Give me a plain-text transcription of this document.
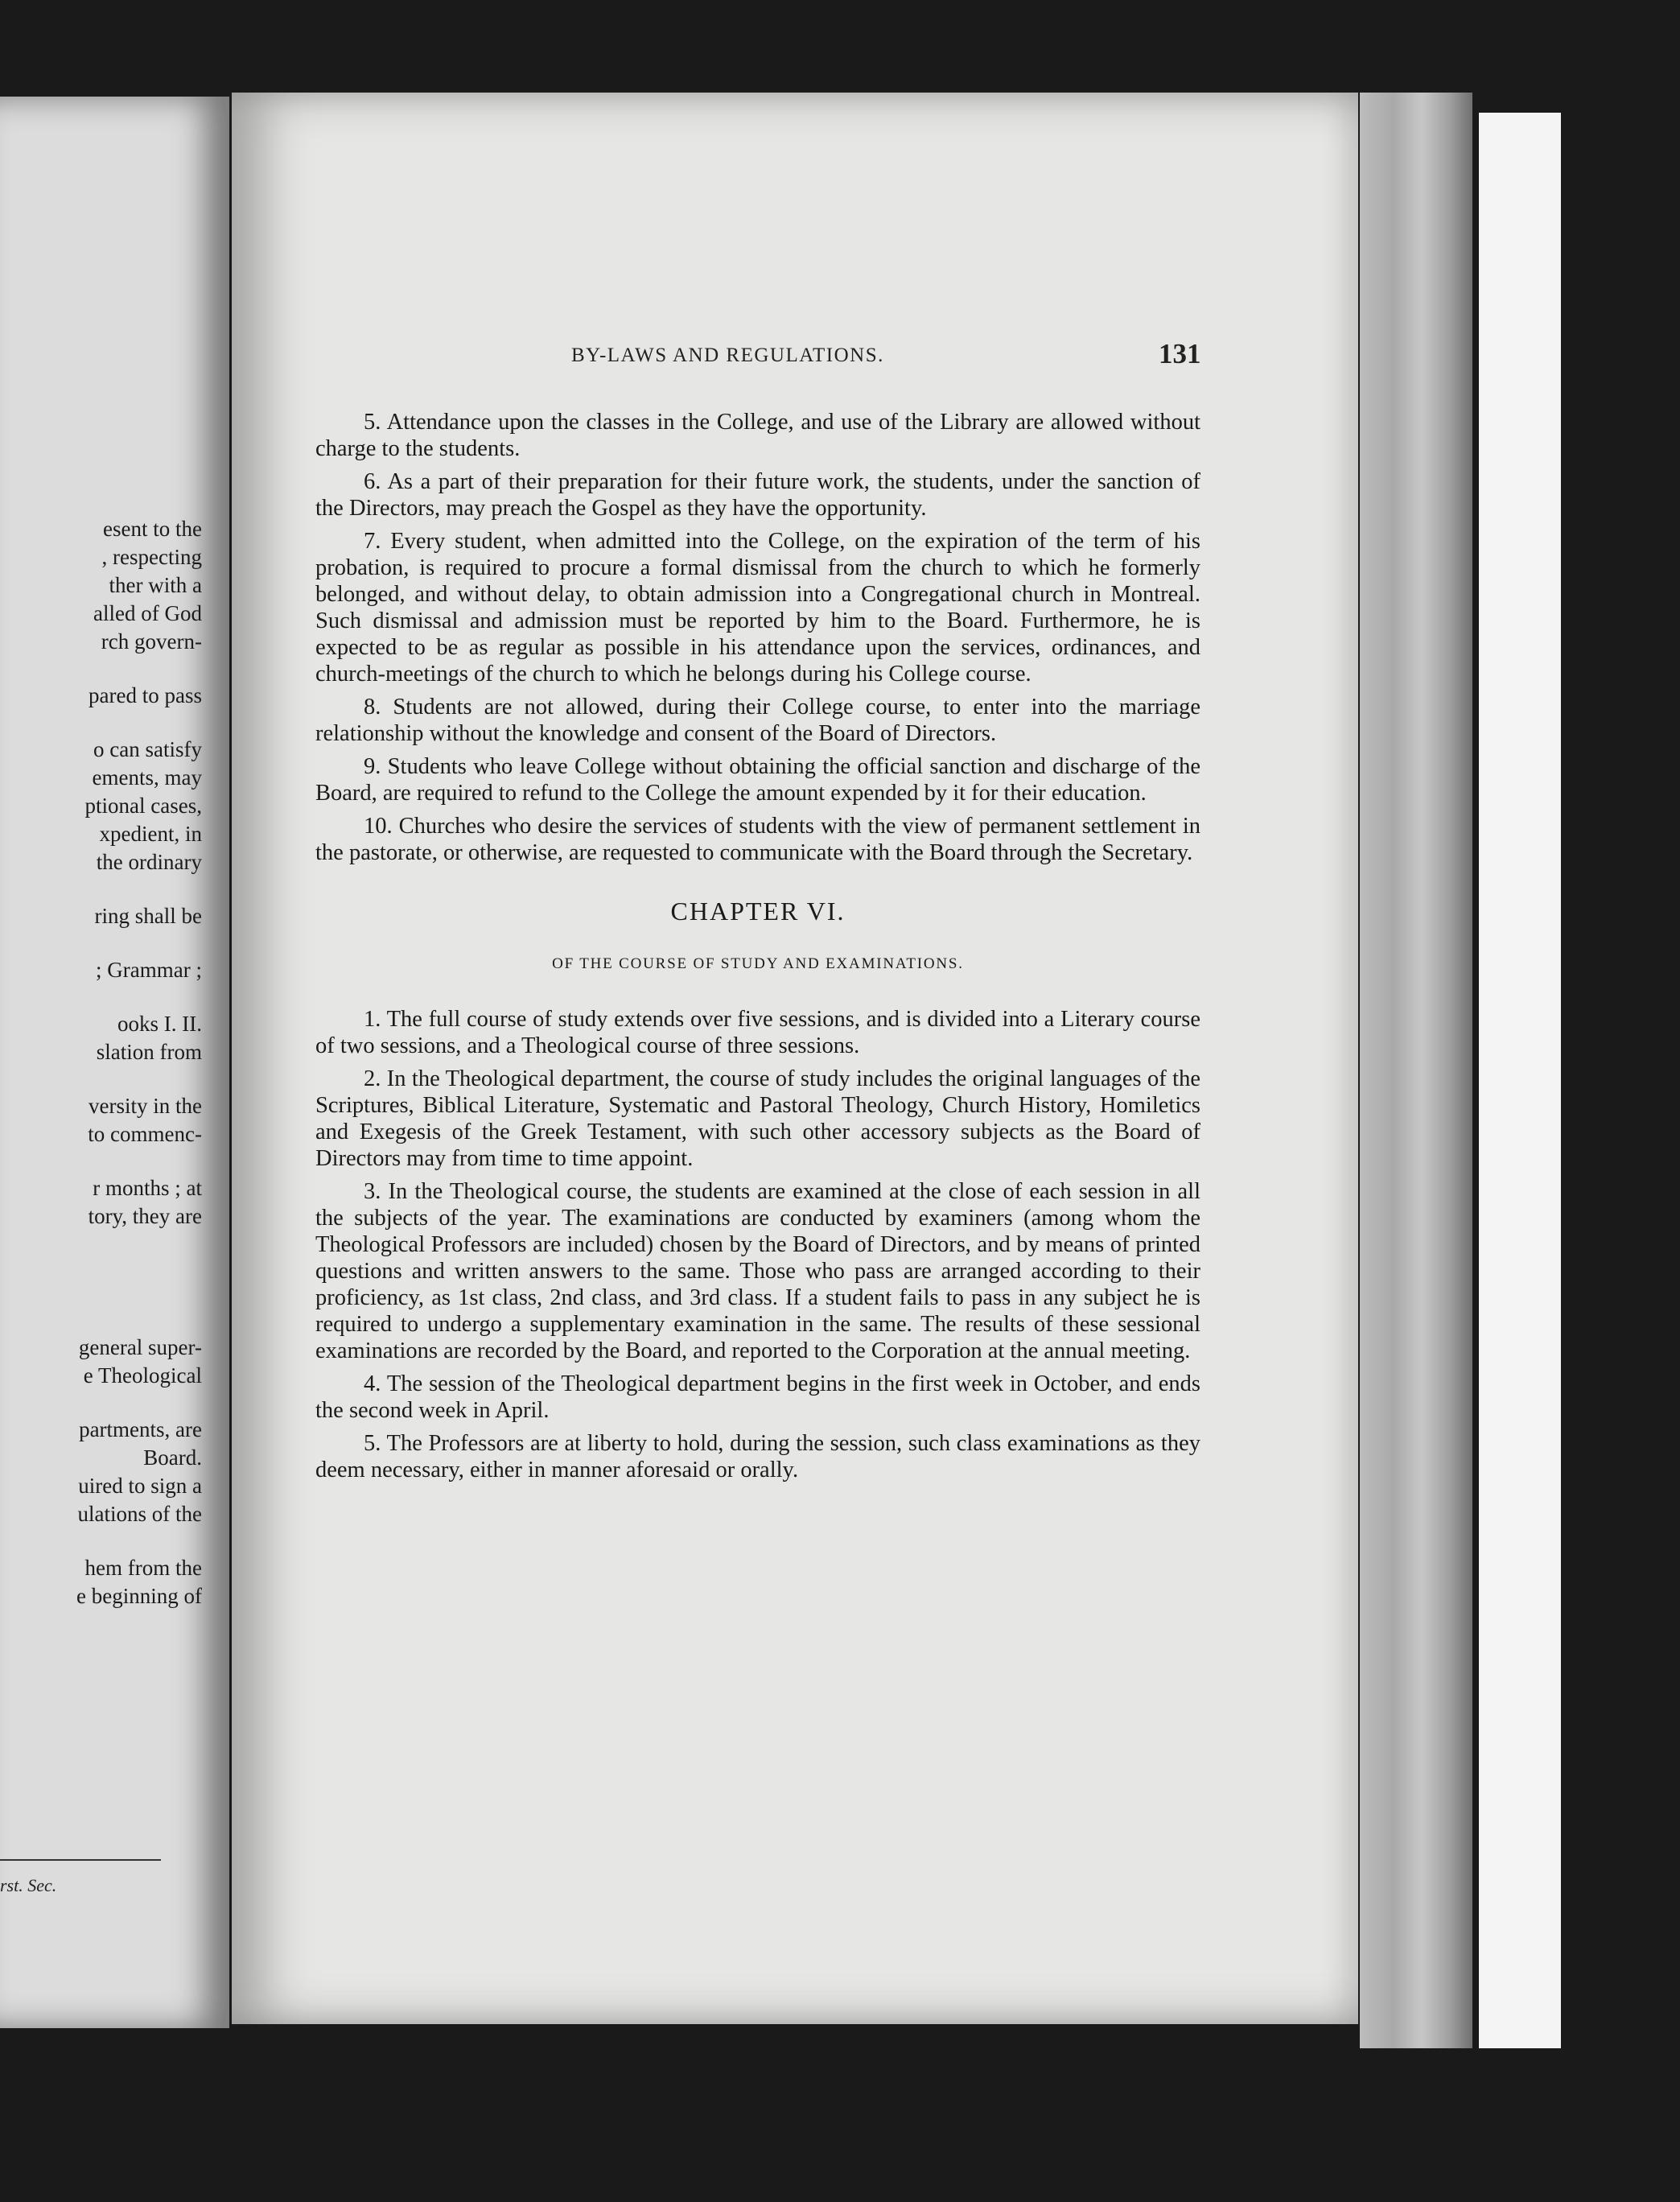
esent to the

, respecting

ther with a

alled of God

rch govern-

pared to pass

o can satisfy

ements, may

ptional cases,

xpedient, in

the ordinary

ring shall be

; Grammar ;

ooks I. II.

slation from

versity in the

to commenc-

r months ; at

tory, they are

general super-

e Theological

partments, are

Board.

uired to sign a

ulations of the

hem from the

e beginning of

rst. Sec.
BY-LAWS AND REGULATIONS.	131

5. Attendance upon the classes in the College, and use of the Library are allowed without charge to the students.

6. As a part of their preparation for their future work, the students, under the sanction of the Directors, may preach the Gospel as they have the opportunity.

7. Every student, when admitted into the College, on the expiration of the term of his probation, is required to procure a formal dismissal from the church to which he formerly belonged, and without delay, to obtain admission into a Congregational church in Montreal. Such dismissal and admission must be reported by him to the Board. Furthermore, he is expected to be as regular as possible in his attendance upon the services, ordinances, and church-meetings of the church to which he belongs during his College course.

8. Students are not allowed, during their College course, to enter into the marriage relationship without the knowledge and consent of the Board of Directors.

9. Students who leave College without obtaining the official sanction and discharge of the Board, are required to refund to the College the amount expended by it for their education.

10. Churches who desire the services of students with the view of permanent settlement in the pastorate, or otherwise, are requested to communicate with the Board through the Secretary.

CHAPTER VI.

OF THE COURSE OF STUDY AND EXAMINATIONS.

1. The full course of study extends over five sessions, and is divided into a Literary course of two sessions, and a Theological course of three sessions.

2. In the Theological department, the course of study includes the original languages of the Scriptures, Biblical Literature, Systematic and Pastoral Theology, Church History, Homiletics and Exegesis of the Greek Testament, with such other accessory subjects as the Board of Directors may from time to time appoint.

3. In the Theological course, the students are examined at the close of each session in all the subjects of the year. The examinations are conducted by examiners (among whom the Theological Professors are included) chosen by the Board of Directors, and by means of printed questions and written answers to the same. Those who pass are arranged according to their proficiency, as 1st class, 2nd class, and 3rd class. If a student fails to pass in any subject he is required to undergo a supplementary examination in the same. The results of these sessional examinations are recorded by the Board, and reported to the Corporation at the annual meeting.

4. The session of the Theological department begins in the first week in October, and ends the second week in April.

5. The Professors are at liberty to hold, during the session, such class examinations as they deem necessary, either in manner aforesaid or orally.
